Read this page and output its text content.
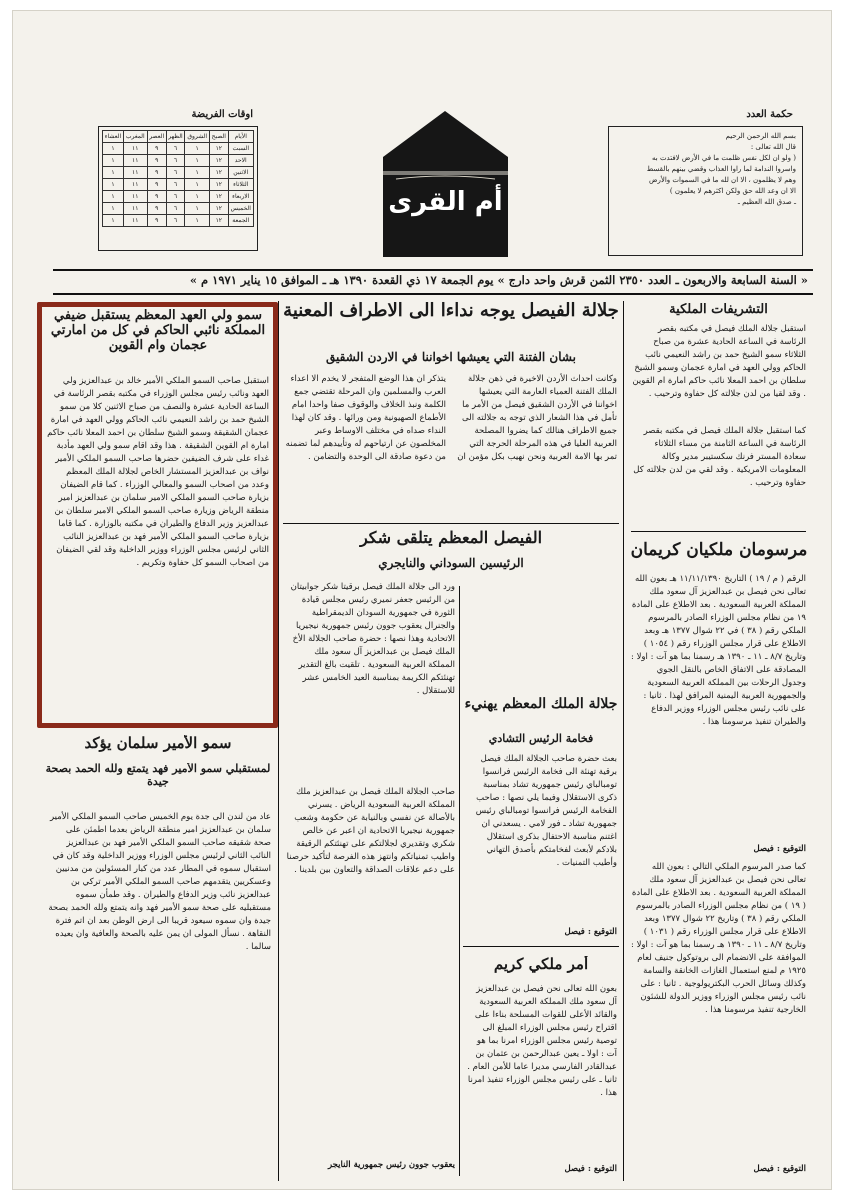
حكمة العدد
بسم الله الرحمن الرحيم
قال الله تعالى :
( ولو ان لكل نفس ظلمت ما في الأرض لافتدت به
واسروا الندامة لما راوا العذاب وقضي بينهم بالقسط
وهم لا يظلمون ، الا ان لله ما في السموات والأرض
الا ان وعد الله حق ولكن اكثرهم لا يعلمون )
ـ صدق الله العظيم ـ
اوقات الفريضة
الأيام	الصبح	الشروق	الظهر	العصر	المغرب	العشاء
السبت	١٢	١	٦	٩	١١	١
الاحد	١٢	١	٦	٩	١١	١
الاثنين	١٢	١	٦	٩	١١	١
الثلاثاء	١٢	١	٦	٩	١١	١
الاربعاء	١٢	١	٦	٩	١١	١
الخميس	١٢	١	٦	٩	١١	١
الجمعة	١٢	١	٦	٩	١١	١
أم القرى
« السنة السابعة والاربعون ـ العدد ٢٣٥٠ الثمن قرش واحد دارج » يوم الجمعة ١٧ ذي القعدة ١٣٩٠ هـ ـ الموافق ١٥ يناير ١٩٧١ م »
التشريفات الملكية
استقبل جلالة الملك فيصل في مكتبه بقصر الرئاسة في الساعة الحادية عشرة من صباح الثلاثاء سمو الشيخ حمد بن راشد النعيمي نائب الحاكم وولي العهد في امارة عجمان وسمو الشيخ سلطان بن احمد المعلا نائب حاكم امارة ام القوين . وقد لقيا من لدن جلالته كل حفاوة وترحيب .
كما استقبل جلالة الملك فيصل في مكتبه بقصر الرئاسة في الساعة الثامنة من مساء الثلاثاء سعادة المستر فرنك سكستيبر مدير وكالة المعلومات الامريكية . وقد لقي من لدن جلالته كل حفاوة وترحيب .
مرسومان ملكيان كريمان
الرقم ( م / ١٩ ) التاريخ ١١/١١/١٣٩٠ هـ بعون الله تعالى نحن فيصل بن عبدالعزيز آل سعود ملك المملكة العربية السعودية . بعد الاطلاع على المادة ١٩ من نظام مجلس الوزراء الصادر بالمرسوم الملكي رقم ( ٣٨ ) في ٢٢ شوال ١٣٧٧ هـ وبعد الاطلاع على قرار مجلس الوزراء رقم ( ١٠٥٤ ) وتاريخ ٨/٧ ـ ١١ ـ ١٣٩٠ هـ رسمنا بما هو آت : اولا : المصادقة على الاتفاق الخاص بالنقل الجوي وجدول الرحلات بين المملكة العربية السعودية والجمهورية العربية اليمنية المرافق لهذا . ثانيا : على نائب رئيس مجلس الوزراء ووزير الدفاع والطيران تنفيذ مرسومنا هذا .
التوقيع : فيصل
كما صدر المرسوم الملكي التالي : بعون الله تعالى نحن فيصل بن عبدالعزيز آل سعود ملك المملكة العربية السعودية . بعد الاطلاع على المادة ( ١٩ ) من نظام مجلس الوزراء الصادر بالمرسوم الملكي رقم ( ٣٨ ) وتاريخ ٢٢ شوال ١٣٧٧ وبعد الاطلاع على قرار مجلس الوزراء رقم ( ١٠٣١ ) وتاريخ ٨/٧ ـ ١١ ـ ١٣٩٠ هـ رسمنا بما هو آت : اولا : الموافقة على الانضمام الى بروتوكول جنيف لعام ١٩٢٥ م لمنع استعمال الغازات الخانقة والسامة وكذلك وسائل الحرب البكتريولوجية . ثانيا : على نائب رئيس مجلس الوزراء ووزير الدولة للشئون الخارجية تنفيذ مرسومنا هذا .
التوقيع : فيصل
جلالة الفيصل يوجه نداءا الى الاطراف المعنية
بشأن الفتنة التي يعيشها اخواننا في الاردن الشقيق
وكانت احداث الأردن الاخيرة في ذهن جلالة الملك الفتنة العمياء العارمة التي يعيشها اخواننا في الأردن الشقيق فيصل من الأمر ما تأمل في هذا الشعار الذي توجه به جلالته الى جميع الاطراف هنالك كما يضروا المصلحة العربية العليا في هذه المرحلة الحرجة التي تمر بها الامة العربية ونحن نهيب بكل مؤمن ان يتذكر ان هذا الوضع المتفجر لا يخدم الا اعداء العرب والمسلمين وان المرحلة تقتضي جمع الكلمة ونبذ الخلاف والوقوف صفا واحدا امام الأطماع الصهيونية ومن ورائها . وقد كان لهذا النداء صداه في مختلف الاوساط وعبر المخلصون عن ارتياحهم له وتأييدهم لما تضمنه من دعوة صادقة الى الوحدة والتضامن .
الفيصل المعظم يتلقى شكر
الرئيسين السوداني والنايجري
ورد الى جلالة الملك فيصل برقيتا شكر جوابيتان من الرئيس جعفر نميري رئيس مجلس قيادة الثورة في جمهورية السودان الديمقراطية والجنرال يعقوب جوون رئيس جمهورية نيجيريا الاتحادية وهذا نصها : حضرة صاحب الجلالة الأخ الملك فيصل بن عبدالعزيز آل سعود ملك المملكة العربية السعودية . تلقيت بالغ التقدير تهنئتكم الكريمة بمناسبة العيد الخامس عشر للاستقلال .
جلالة الملك المعظم يهنيء
فخامة الرئيس التشادي
بعث حضرة صاحب الجلالة الملك فيصل برقية تهنئة الى فخامة الرئيس فرانسوا تومبالباي رئيس جمهورية تشاد بمناسبة ذكرى الاستقلال وفيما يلي نصها : صاحب الفخامة الرئيس فرانسوا تومبالباي رئيس جمهورية تشاد ـ فور لامي . يسعدني ان اغتنم مناسبة الاحتفال بذكرى استقلال بلادكم لأبعث لفخامتكم بأصدق التهاني وأطيب التمنيات .
التوقيع : فيصل
أمر ملكي كريم
بعون الله تعالى نحن فيصل بن عبدالعزيز آل سعود ملك المملكة العربية السعودية والقائد الأعلى للقوات المسلحة بناءا على اقتراح رئيس مجلس الوزراء المبلغ الى توصية رئيس مجلس الوزراء امرنا بما هو آت : اولا ـ يعين عبدالرحمن بن عثمان بن عبدالقادر الفارسي مديرا عاما للأمن العام . ثانيا ـ على رئيس مجلس الوزراء تنفيذ امرنا هذا .
التوقيع : فيصل
صاحب الجلالة الملك فيصل بن عبدالعزيز ملك المملكة العربية السعودية الرياض . يسرني بالأصالة عن نفسي وبالنيابة عن حكومة وشعب جمهورية نيجيريا الاتحادية ان اعبر عن خالص شكري وتقديري لجلالتكم على تهنئتكم الرقيقة واطيب تمنياتكم وانتهز هذه الفرصة لتأكيد حرصنا على دعم علاقات الصداقة والتعاون بين بلدينا .
يعقوب جوون رئيس جمهورية النايجر
سمو ولي العهد المعظم يستقبل ضيفي المملكة نائبي الحاكم في كل من امارتي عجمان وام القوين
استقبل صاحب السمو الملكي الأمير خالد بن عبدالعزيز ولي العهد ونائب رئيس مجلس الوزراء في مكتبه بقصر الرئاسة في الساعة الحادية عشرة والنصف من صباح الاثنين كلا من سمو الشيخ حمد بن راشد النعيمي نائب الحاكم وولي العهد في امارة عجمان الشقيقة وسمو الشيخ سلطان بن احمد المعلا نائب حاكم امارة ام القوين الشقيقة . هذا وقد اقام سمو ولي العهد مأدبة غداء على شرف الضيفين حضرها صاحب السمو الملكي الأمير نواف بن عبدالعزيز المستشار الخاص لجلالة الملك المعظم وعدد من اصحاب السمو والمعالي الوزراء . كما قام الضيفان بزيارة صاحب السمو الملكي الامير سلمان بن عبدالعزيز امير منطقة الرياض وزيارة صاحب السمو الملكي الامير سلطان بن عبدالعزيز وزير الدفاع والطيران في مكتبه بالوزارة . كما قاما بزيارة صاحب السمو الملكي الأمير فهد بن عبدالعزيز النائب الثاني لرئيس مجلس الوزراء ووزير الداخلية وقد لقي الضيفان من اصحاب السمو كل حفاوة وتكريم .
سمو الأمير سلمان يؤكد
لمستقبلي سمو الأمير فهد يتمتع ولله الحمد بصحة جيدة
عاد من لندن الى جدة يوم الخميس صاحب السمو الملكي الأمير سلمان بن عبدالعزيز امير منطقة الرياض بعدما اطمئن على صحة شقيقه صاحب السمو الملكي الأمير فهد بن عبدالعزيز النائب الثاني لرئيس مجلس الوزراء ووزير الداخلية وقد كان في استقبال سموه في المطار عدد من كبار المسئولين من مدنيين وعسكريين يتقدمهم صاحب السمو الملكي الأمير تركي بن عبدالعزيز نائب وزير الدفاع والطيران . وقد طمأن سموه مستقبليه على صحة سمو الأمير فهد وانه يتمتع ولله الحمد بصحة جيدة وان سموه سيعود قريبا الى ارض الوطن بعد ان اتم فترة النقاهة . نسأل المولى ان يمن عليه بالصحة والعافية وان يعيده سالما .
